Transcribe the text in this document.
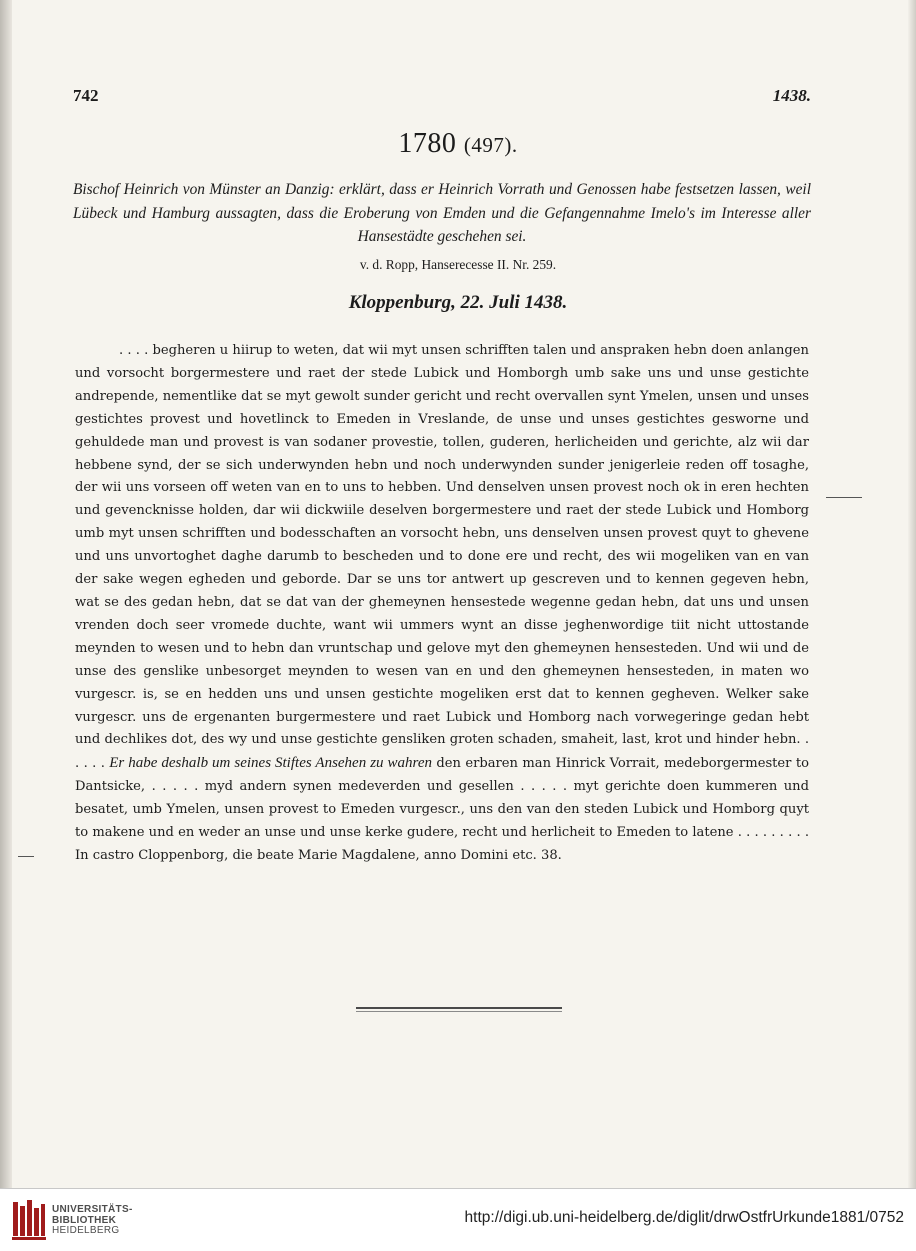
742	1438.
1780 (497).
Bischof Heinrich von Münster an Danzig: erklärt, dass er Heinrich Vorrath und Genossen habe festsetzen lassen, weil Lübeck und Hamburg aussagten, dass die Eroberung von Emden und die Gefangennahme Imelo's im Interesse aller Hansestädte geschehen sei.
v. d. Ropp, Hanserecesse II. Nr. 259.
Kloppenburg, 22. Juli 1438.

. . . . begheren u hiirup to weten, dat wii myt unsen schrifften talen und anspraken hebn doen anlangen und vorsocht borgermestere und raet der stede Lubick und Homborgh umb sake uns und unse gestichte andrepende, nementlike dat se myt gewolt sunder gericht und recht overvallen synt Ymelen, unsen und unses gestichtes provest und hovetlinck to Emeden in Vreslande, de unse und unses gestichtes gesworne und gehuldede man und provest is van sodaner provestie, tollen, guderen, herlicheiden und gerichte, alz wii dar hebbene synd, der se sich underwynden hebn und noch underwynden sunder jenigerleie reden off tosaghe, der wii uns vorseen off weten van en to uns to hebben. Und denselven unsen provest noch ok in eren hechten und gevencknisse holden, dar wii dickwiile deselven borgermestere und raet der stede Lubick und Homborg umb myt unsen schrifften und bodesschaften an vorsocht hebn, uns denselven unsen provest quyt to ghevene und uns unvortoghet daghe darumb to bescheden und to done ere und recht, des wii mogeliken van en van der sake wegen egheden und geborde. Dar se uns tor antwert up gescreven und to kennen gegeven hebn, wat se des gedan hebn, dat se dat van der ghemeynen hensestede wegenne gedan hebn, dat uns und unsen vrenden doch seer vromede duchte, want wii ummers wynt an disse jeghenwordige tiit nicht uttostande meynden to wesen und to hebn dan vruntschap und gelove myt den ghemeynen hensesteden. Und wii und de unse des genslike unbesorget meynden to wesen van en und den ghemeynen hensesteden, in maten wo vurgescr. is, se en hedden uns und unsen gestichte mogeliken erst dat to kennen gegheven. Welker sake vurgescr. uns de ergenanten burgermestere und raet Lubick und Homborg nach vorwegeringe gedan hebt und dechlikes dot, des wy und unse gestichte gensliken groten schaden, smaheit, last, krot und hinder hebn. . . . . . Er habe deshalb um seines Stiftes Ansehen zu wahren den erbaren man Hinrick Vorrait, medeborgermester to Dantsicke, . . . . . myd andern synen medeverden und gesellen . . . . . myt gerichte doen kummeren und besatet, umb Ymelen, unsen provest to Emeden vurgescr., uns den van den steden Lubick und Homborg quyt to makene und en weder an unse und unse kerke gudere, recht und herlicheit to Emeden to latene . . . . . . . . . In castro Cloppenborg, die beate Marie Magdalene, anno Domini etc. 38.

UNIVERSITÄTS-
BIBLIOTHEK
HEIDELBERG
http://digi.ub.uni-heidelberg.de/diglit/drwOstfrUrkunde1881/0752
